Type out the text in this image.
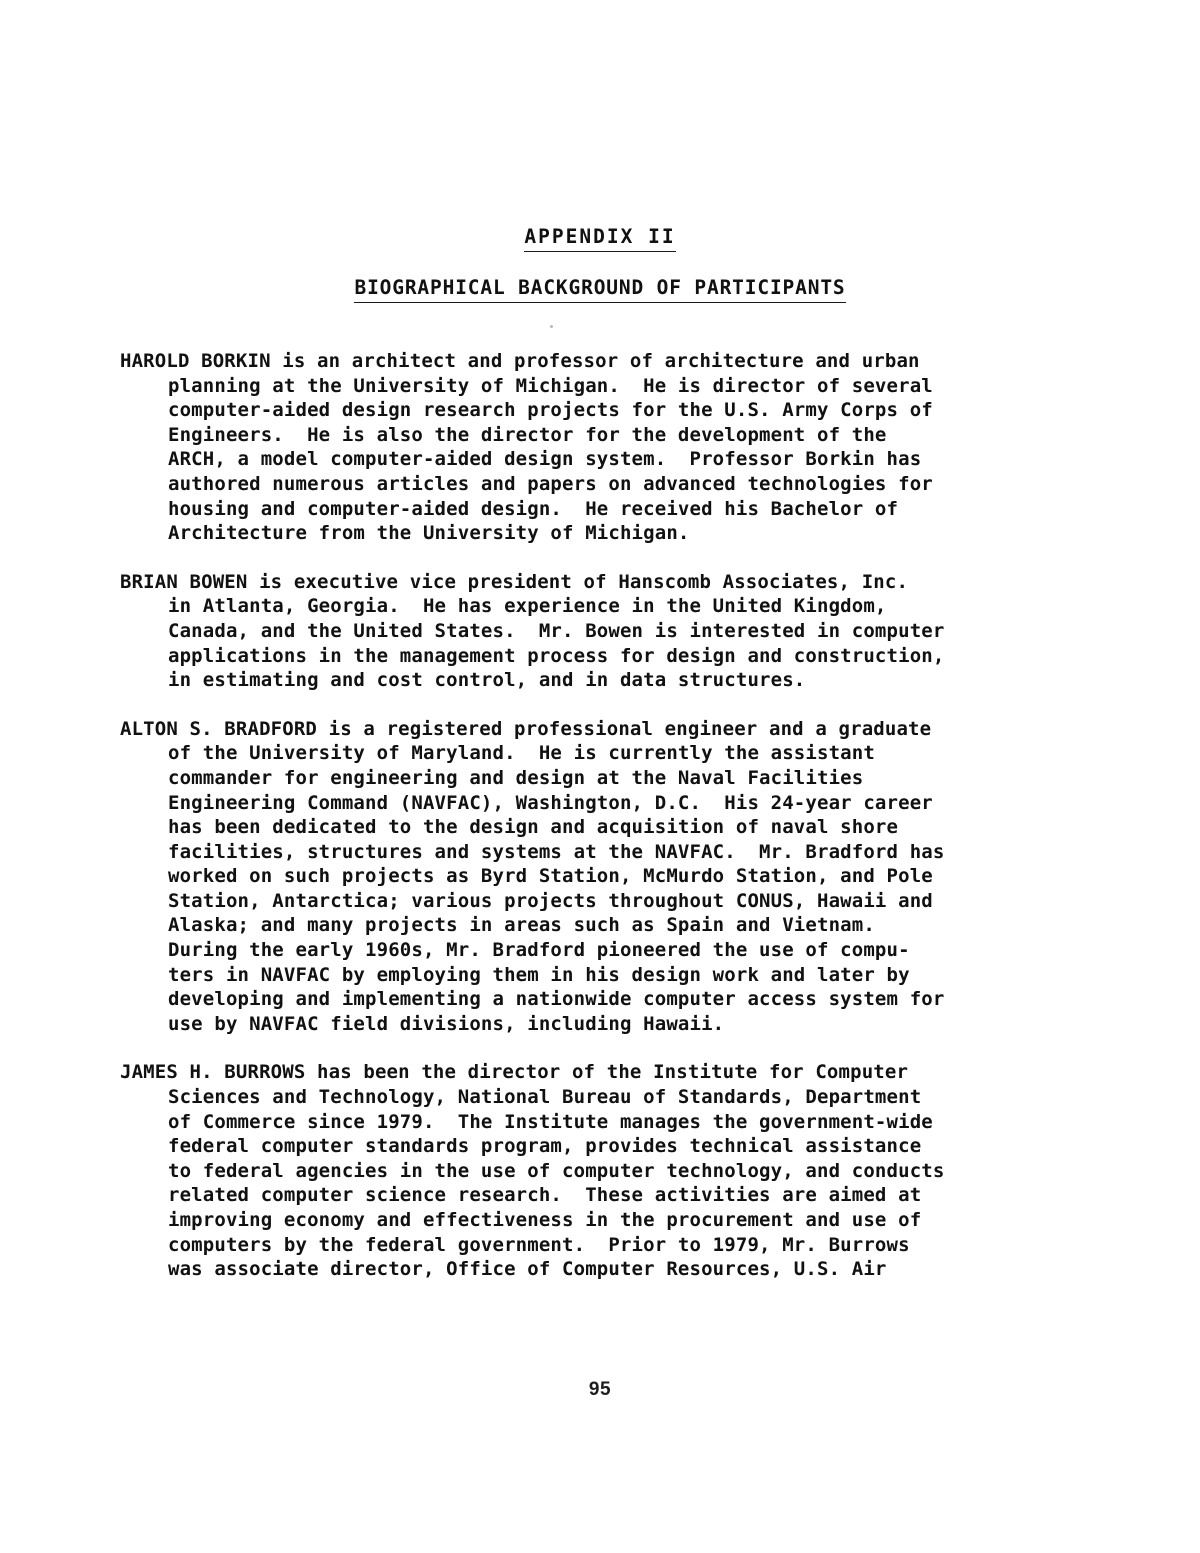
APPENDIX II
BIOGRAPHICAL BACKGROUND OF PARTICIPANTS
HAROLD BORKIN is an architect and professor of architecture and urban
planning at the University of Michigan.  He is director of several
computer-aided design research projects for the U.S. Army Corps of
Engineers.  He is also the director for the development of the
ARCH, a model computer-aided design system.  Professor Borkin has
authored numerous articles and papers on advanced technologies for
housing and computer-aided design.  He received his Bachelor of
Architecture from the University of Michigan.
BRIAN BOWEN is executive vice president of Hanscomb Associates, Inc.
in Atlanta, Georgia.  He has experience in the United Kingdom,
Canada, and the United States.  Mr. Bowen is interested in computer
applications in the management process for design and construction,
in estimating and cost control, and in data structures.
ALTON S. BRADFORD is a registered professional engineer and a graduate
of the University of Maryland.  He is currently the assistant
commander for engineering and design at the Naval Facilities
Engineering Command (NAVFAC), Washington, D.C.  His 24-year career
has been dedicated to the design and acquisition of naval shore
facilities, structures and systems at the NAVFAC.  Mr. Bradford has
worked on such projects as Byrd Station, McMurdo Station, and Pole
Station, Antarctica; various projects throughout CONUS, Hawaii and
Alaska; and many projects in areas such as Spain and Vietnam.
During the early 1960s, Mr. Bradford pioneered the use of compu-
ters in NAVFAC by employing them in his design work and later by
developing and implementing a nationwide computer access system for
use by NAVFAC field divisions, including Hawaii.
JAMES H. BURROWS has been the director of the Institute for Computer
Sciences and Technology, National Bureau of Standards, Department
of Commerce since 1979.  The Institute manages the government-wide
federal computer standards program, provides technical assistance
to federal agencies in the use of computer technology, and conducts
related computer science research.  These activities are aimed at
improving economy and effectiveness in the procurement and use of
computers by the federal government.  Prior to 1979, Mr. Burrows
was associate director, Office of Computer Resources, U.S. Air
95
